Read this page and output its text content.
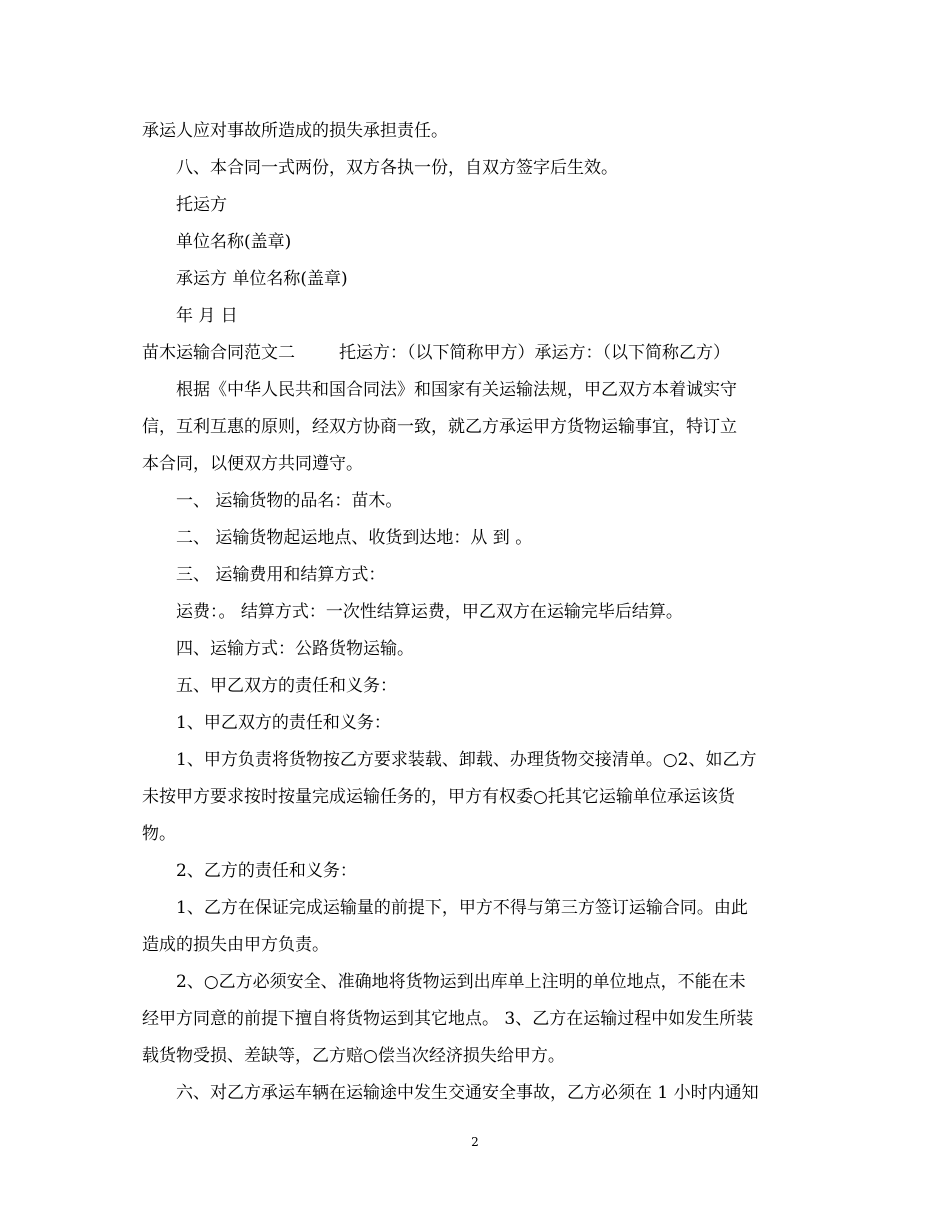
承运人应对事故所造成的损失承担责任。
八、本合同一式两份，双方各执一份，自双方签字后生效。
托运方
单位名称(盖章)
承运方 单位名称(盖章)
年 月 日
苗木运输合同范文二	托运方：（以下简称甲方）承运方：（以下简称乙方）
根据《中华人民共和国合同法》和国家有关运输法规，甲乙双方本着诚实守
信，互利互惠的原则，经双方协商一致，就乙方承运甲方货物运输事宜，特订立
本合同，以便双方共同遵守。
一、 运输货物的品名：苗木。
二、 运输货物起运地点、收货到达地：从 到 。
三、 运输费用和结算方式：
运费：。 结算方式：一次性结算运费，甲乙双方在运输完毕后结算。
四、运输方式：公路货物运输。
五、甲乙双方的责任和义务：
1、甲乙双方的责任和义务：
1、甲方负责将货物按乙方要求装载、卸载、办理货物交接清单。○2、如乙方
未按甲方要求按时按量完成运输任务的，甲方有权委○托其它运输单位承运该货
物。
2、乙方的责任和义务：
1、乙方在保证完成运输量的前提下，甲方不得与第三方签订运输合同。由此
造成的损失由甲方负责。
2、○乙方必须安全、准确地将货物运到出库单上注明的单位地点，不能在未
经甲方同意的前提下擅自将货物运到其它地点。 3、乙方在运输过程中如发生所装
载货物受损、差缺等，乙方赔○偿当次经济损失给甲方。
六、对乙方承运车辆在运输途中发生交通安全事故，乙方必须在 1 小时内通知
2
